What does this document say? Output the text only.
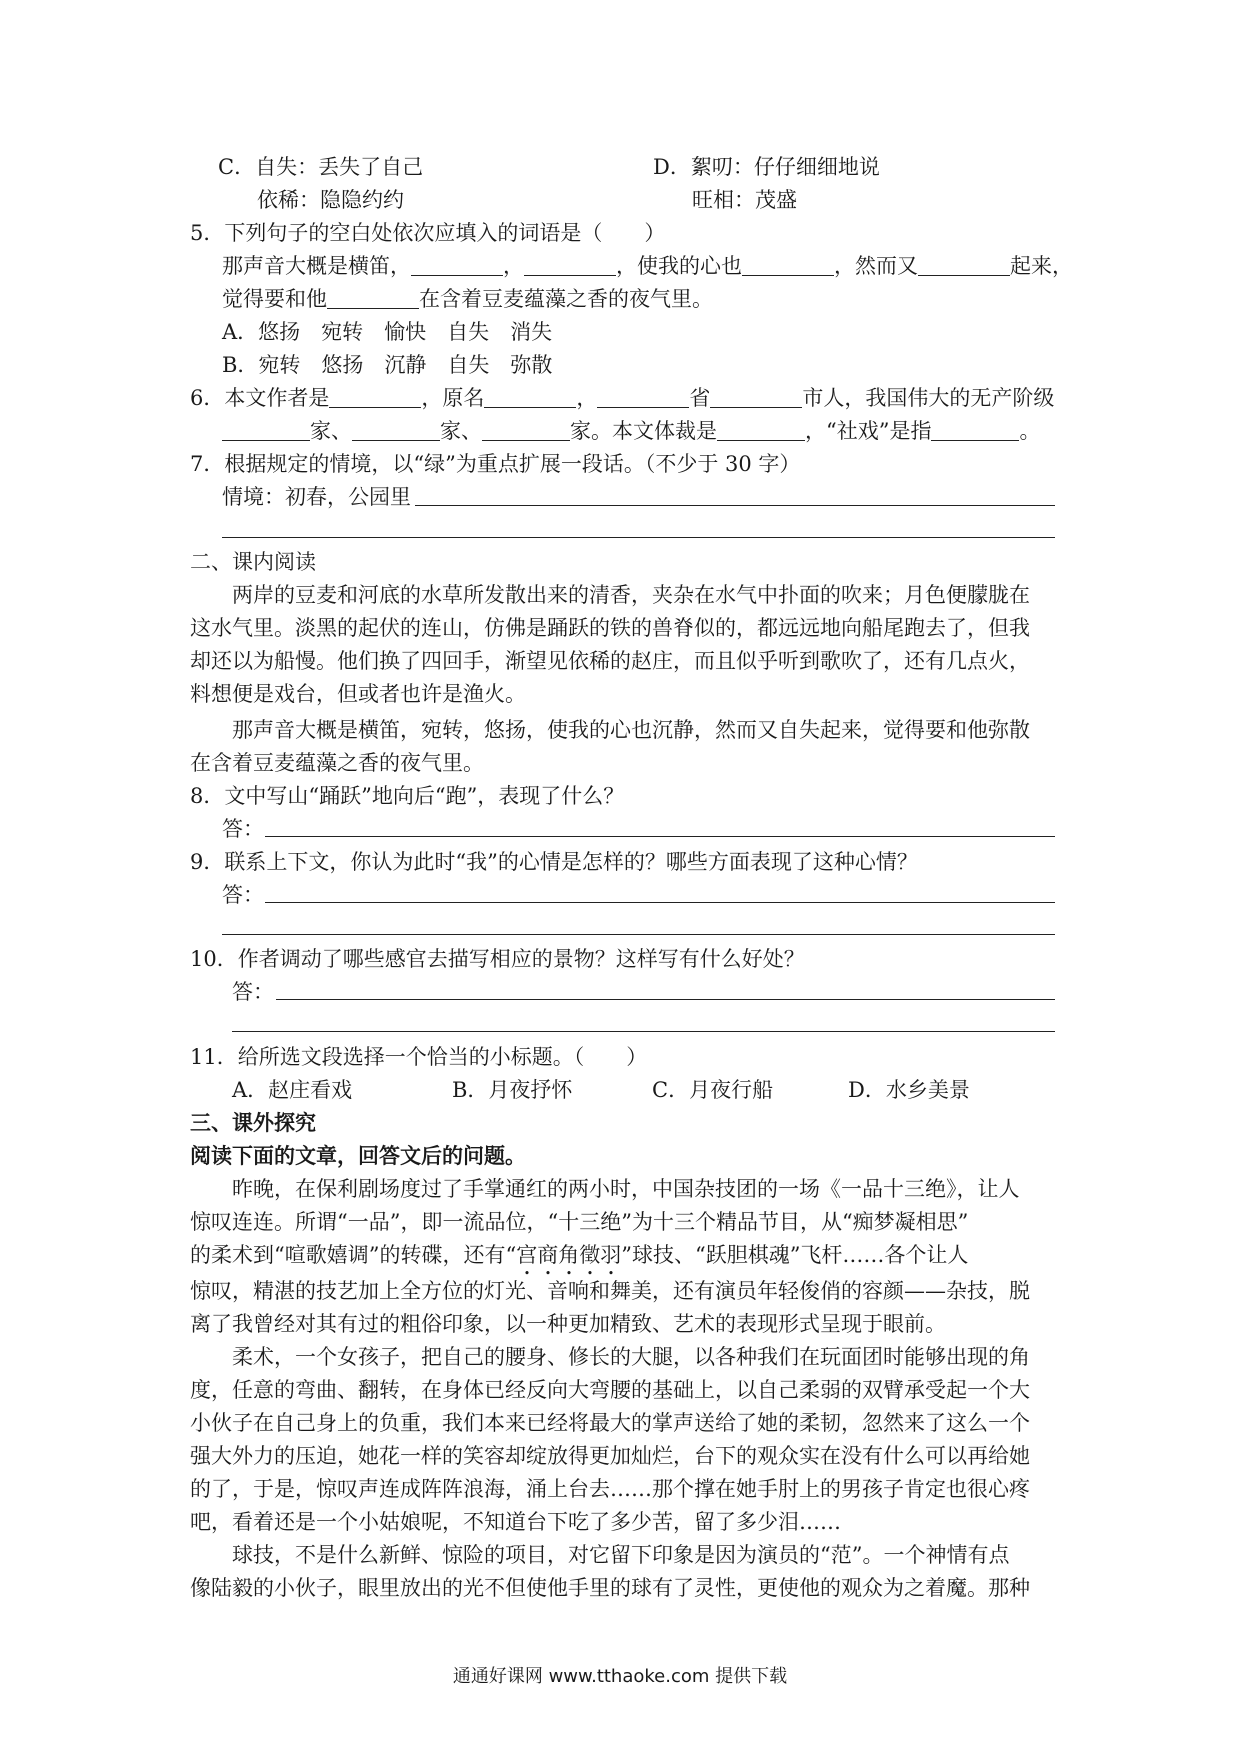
C．自失：丢失了自己	D．絮叨：仔仔细细地说
依稀：隐隐约约	旺相：茂盛
5．下列句子的空白处依次应填入的词语是（　　）
那声音大概是横笛，	，	，使我的心也	，然而又	起来，
觉得要和他	在含着豆麦蕴藻之香的夜气里。
A．悠扬　宛转　愉快　自失　消失
B．宛转　悠扬　沉静　自失　弥散
6．本文作者是	，原名	，	省	市人，我国伟大的无产阶级
家、	家、	家。本文体裁是	，“社戏”是指	。
7．根据规定的情境，以“绿”为重点扩展一段话。（不少于 30 字）
情境：初春，公园里
二、课内阅读
两岸的豆麦和河底的水草所发散出来的清香，夹杂在水气中扑面的吹来；月色便朦胧在
这水气里。淡黑的起伏的连山，仿佛是踊跃的铁的兽脊似的，都远远地向船尾跑去了，但我
却还以为船慢。他们换了四回手，渐望见依稀的赵庄，而且似乎听到歌吹了，还有几点火，
料想便是戏台，但或者也许是渔火。
那声音大概是横笛，宛转，悠扬，使我的心也沉静，然而又自失起来，觉得要和他弥散
在含着豆麦蕴藻之香的夜气里。
8．文中写山“踊跃”地向后“跑”，表现了什么？
答：
9．联系上下文，你认为此时“我”的心情是怎样的？哪些方面表现了这种心情？
答：
10．作者调动了哪些感官去描写相应的景物？这样写有什么好处？
答：
11．给所选文段选择一个恰当的小标题。（　　）
A．赵庄看戏	B．月夜抒怀	C．月夜行船	D．水乡美景
三、课外探究
阅读下面的文章，回答文后的问题。
昨晚，在保利剧场度过了手掌通红的两小时，中国杂技团的一场《一品十三绝》，让人
惊叹连连。所谓“一品”，即一流品位，“十三绝”为十三个精品节目，从“痴梦凝相思”
的柔术到“喧歌嬉调”的转碟，还有“宫商角徵羽”球技、“跃胆棋魂”飞杆……各个让人
惊叹，精湛的技艺加上全方位的灯光、音响和舞美，还有演员年轻俊俏的容颜——杂技，脱
离了我曾经对其有过的粗俗印象，以一种更加精致、艺术的表现形式呈现于眼前。
柔术，一个女孩子，把自己的腰身、修长的大腿，以各种我们在玩面团时能够出现的角
度，任意的弯曲、翻转，在身体已经反向大弯腰的基础上，以自己柔弱的双臂承受起一个大
小伙子在自己身上的负重，我们本来已经将最大的掌声送给了她的柔韧，忽然来了这么一个
强大外力的压迫，她花一样的笑容却绽放得更加灿烂，台下的观众实在没有什么可以再给她
的了，于是，惊叹声连成阵阵浪海，涌上台去……那个撑在她手肘上的男孩子肯定也很心疼
吧，看着还是一个小姑娘呢，不知道台下吃了多少苦，留了多少泪……
球技，不是什么新鲜、惊险的项目，对它留下印象是因为演员的“范”。一个神情有点
像陆毅的小伙子，眼里放出的光不但使他手里的球有了灵性，更使他的观众为之着魔。那种
通通好课网 www.tthaoke.com 提供下载
